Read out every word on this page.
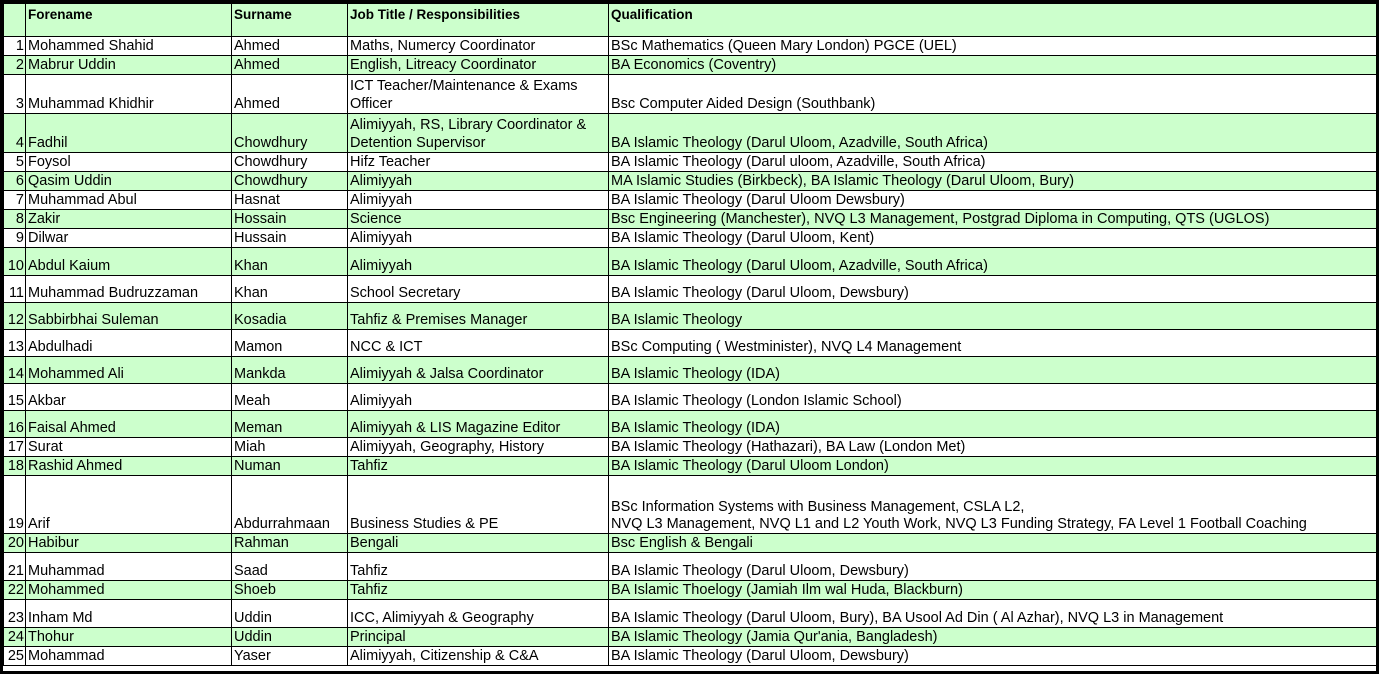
	Forename	Surname	Job Title / Responsibilities	Qualification
1	Mohammed Shahid	Ahmed	Maths, Numercy Coordinator	BSc Mathematics (Queen Mary London) PGCE (UEL)
2	Mabrur Uddin	Ahmed	English, Litreacy Coordinator	BA Economics (Coventry)
3	Muhammad Khidhir	Ahmed	ICT Teacher/Maintenance & Exams Officer	Bsc Computer Aided Design (Southbank)
4	Fadhil	Chowdhury	Alimiyyah, RS, Library Coordinator & Detention Supervisor	BA Islamic Theology (Darul Uloom, Azadville, South Africa)
5	Foysol	Chowdhury	Hifz Teacher	BA Islamic Theology (Darul uloom, Azadville, South Africa)
6	Qasim Uddin	Chowdhury	Alimiyyah	MA Islamic Studies (Birkbeck), BA Islamic Theology (Darul Uloom, Bury)
7	Muhammad Abul	Hasnat	Alimiyyah	BA Islamic Theology (Darul Uloom Dewsbury)
8	Zakir	Hossain	Science	Bsc Engineering (Manchester), NVQ L3 Management, Postgrad Diploma in Computing, QTS (UGLOS)
9	Dilwar	Hussain	Alimiyyah	BA Islamic Theology (Darul Uloom, Kent)
10	Abdul Kaium	Khan	Alimiyyah	BA Islamic Theology (Darul Uloom, Azadville, South Africa)
11	Muhammad Budruzzaman	Khan	School Secretary	BA Islamic Theology (Darul Uloom, Dewsbury)
12	Sabbirbhai Suleman	Kosadia	Tahfiz & Premises Manager	BA Islamic Theology
13	Abdulhadi	Mamon	NCC & ICT	BSc Computing ( Westminister), NVQ L4 Management
14	Mohammed Ali	Mankda	Alimiyyah & Jalsa Coordinator	BA Islamic Theology (IDA)
15	Akbar	Meah	Alimiyyah	BA Islamic Theology (London Islamic School)
16	Faisal Ahmed	Meman	Alimiyyah & LIS Magazine Editor	BA Islamic Theology (IDA)
17	Surat	Miah	Alimiyyah, Geography, History	BA Islamic Theology (Hathazari), BA Law (London Met)
18	Rashid Ahmed	Numan	Tahfiz	BA Islamic Theology (Darul Uloom London)
19	Arif	Abdurrahmaan	Business Studies & PE	BSc Information Systems with Business Management, CSLA L2,
NVQ L3 Management, NVQ L1 and L2 Youth Work, NVQ L3 Funding Strategy, FA Level 1 Football Coaching

20	Habibur	Rahman	Bengali	Bsc English & Bengali
21	Muhammad	Saad	Tahfiz	BA Islamic Theology (Darul Uloom, Dewsbury)
22	Mohammed	Shoeb	Tahfiz	BA Islamic Thoelogy (Jamiah Ilm wal Huda, Blackburn)
23	Inham Md	Uddin	ICC, Alimiyyah & Geography	BA Islamic Theology (Darul Uloom, Bury), BA Usool Ad Din ( Al Azhar), NVQ L3 in Management
24	Thohur	Uddin	Principal	BA Islamic Theology (Jamia Qur'ania, Bangladesh)
25	Mohammad	Yaser	Alimiyyah, Citizenship & C&A	BA Islamic Theology (Darul Uloom, Dewsbury)
